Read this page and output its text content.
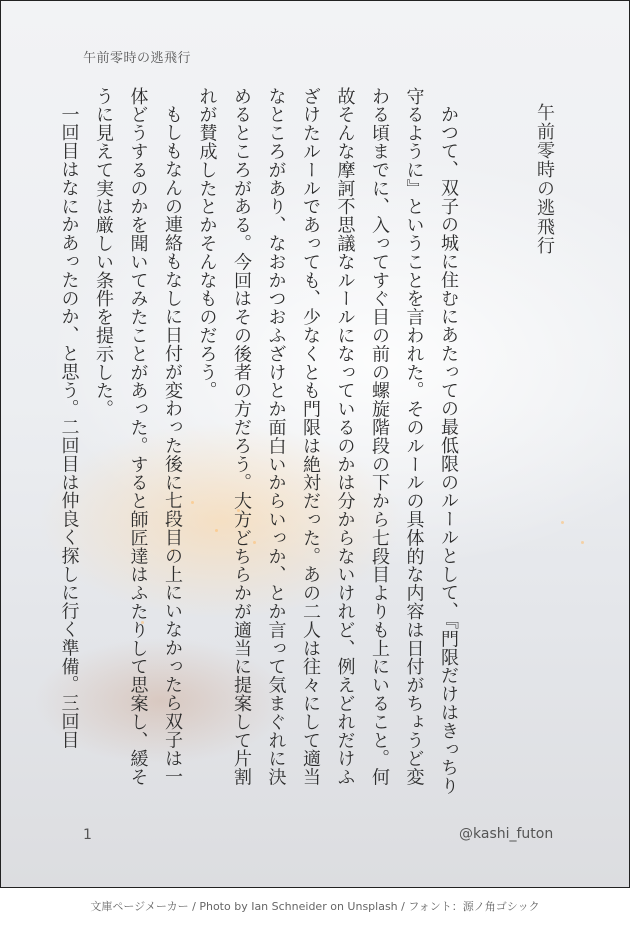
午前零時の逃飛行
午前零時の逃飛行

かつて、双子の城に住むにあたっての最低限のルールとして、『門限だけはきっちり守るように』ということを言われた。そのルールの具体的な内容は日付がちょうど変わる頃までに、入ってすぐ目の前の螺旋階段の下から七段目よりも上にいること。何故そんな摩訶不思議なルールになっているのかは分からないけれど、例えどれだけふざけたルールであっても、少なくとも門限は絶対だった。あの二人は往々にして適当なところがあり、なおかつおふざけとか面白いからいっか、とか言って気まぐれに決めるところがある。今回はその後者の方だろう。大方どちらかが適当に提案して片割れが賛成したとかそんなものだろう。

もしもなんの連絡もなしに日付が変わった後に七段目の上にいなかったら双子は一体どうするのかを聞いてみたことがあった。すると師匠達はふたりして思案し、緩そうに見えて実は厳しい条件を提示した。

一回目はなにかあったのか、と思う。二回目は仲良く探しに行く準備。三回目

1	@kashi_futon
文庫ページメーカー / Photo by Ian Schneider on Unsplash / フォント：源ノ角ゴシック
